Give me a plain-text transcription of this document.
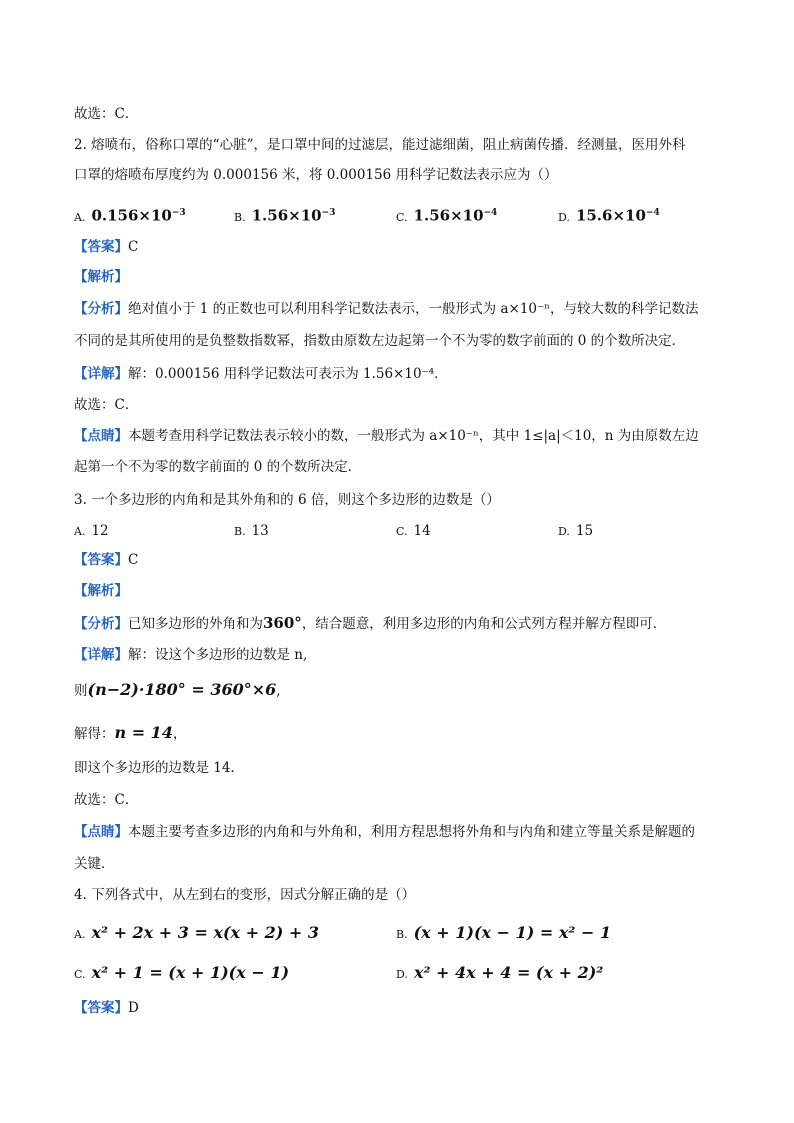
故选：C．
2. 熔喷布，俗称口罩的“心脏”，是口罩中间的过滤层，能过滤细菌，阻止病菌传播．经测量，医用外科
口罩的熔喷布厚度约为 0.000156 米，将 0.000156 用科学记数法表示应为（）
A. $0.156\times 10^{-3}$	B. $1.56\times 10^{-3}$	C. $1.56\times 10^{-4}$	D. $15.6\times 10^{-4}$
【答案】C
【解析】
【分析】绝对值小于 1 的正数也可以利用科学记数法表示，一般形式为 a×10⁻ⁿ，与较大数的科学记数法
不同的是其所使用的是负整数指数幂，指数由原数左边起第一个不为零的数字前面的 0 的个数所决定．
【详解】解：0.000156 用科学记数法可表示为 1.56×10⁻⁴．
故选：C．
【点睛】本题考查用科学记数法表示较小的数，一般形式为 a×10⁻ⁿ，其中 1≤|a|＜10，n 为由原数左边
起第一个不为零的数字前面的 0 的个数所决定．
3. 一个多边形的内角和是其外角和的 6 倍，则这个多边形的边数是（）
A. 12	B. 13	C. 14	D. 15
【答案】C
【解析】
【分析】已知多边形的外角和为360°，结合题意，利用多边形的内角和公式列方程并解方程即可．
【详解】解：设这个多边形的边数是 n,
则(n−2)·180° = 360°×6,
解得：n = 14，
即这个多边形的边数是 14．
故选：C．
【点睛】本题主要考查多边形的内角和与外角和，利用方程思想将外角和与内角和建立等量关系是解题的
关键．
4. 下列各式中，从左到右的变形，因式分解正确的是（）
A. x² + 2x + 3 = x(x + 2) + 3	B. (x + 1)(x − 1) = x² − 1
C. x² + 1 = (x + 1)(x − 1)	D. x² + 4x + 4 = (x + 2)²
【答案】D
